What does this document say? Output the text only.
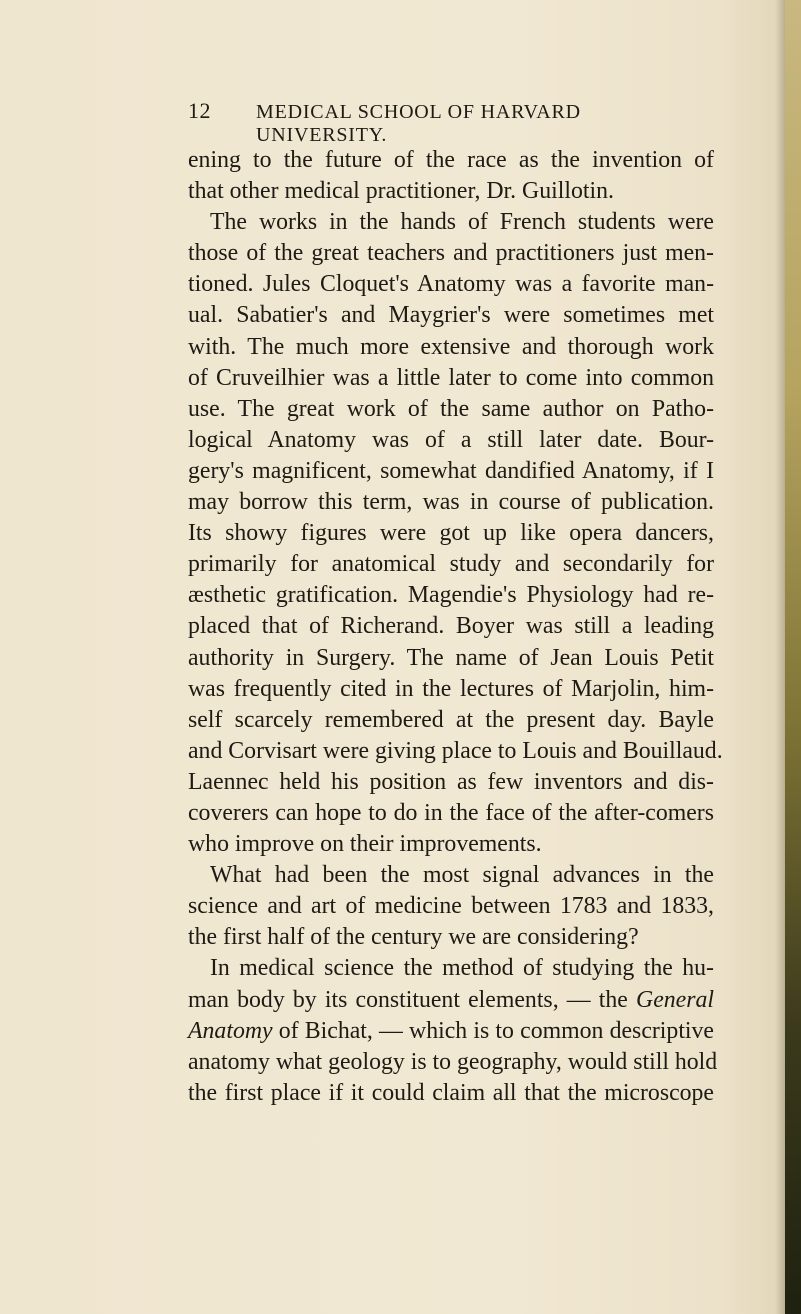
12 MEDICAL SCHOOL OF HARVARD UNIVERSITY.
ening to the future of the race as the invention of
that other medical practitioner, Dr. Guillotin.
The works in the hands of French students were
those of the great teachers and practitioners just men-
tioned. Jules Cloquet's Anatomy was a favorite man-
ual. Sabatier's and Maygrier's were sometimes met
with. The much more extensive and thorough work
of Cruveilhier was a little later to come into common
use. The great work of the same author on Patho-
logical Anatomy was of a still later date. Bour-
gery's magnificent, somewhat dandified Anatomy, if I
may borrow this term, was in course of publication.
Its showy figures were got up like opera dancers,
primarily for anatomical study and secondarily for
æsthetic gratification. Magendie's Physiology had re-
placed that of Richerand. Boyer was still a leading
authority in Surgery. The name of Jean Louis Petit
was frequently cited in the lectures of Marjolin, him-
self scarcely remembered at the present day. Bayle
and Corvisart were giving place to Louis and Bouillaud.
Laennec held his position as few inventors and dis-
coverers can hope to do in the face of the after-comers
who improve on their improvements.
What had been the most signal advances in the
science and art of medicine between 1783 and 1833,
the first half of the century we are considering?
In medical science the method of studying the hu-
man body by its constituent elements, — the General
Anatomy of Bichat, — which is to common descriptive
anatomy what geology is to geography, would still hold
the first place if it could claim all that the microscope
